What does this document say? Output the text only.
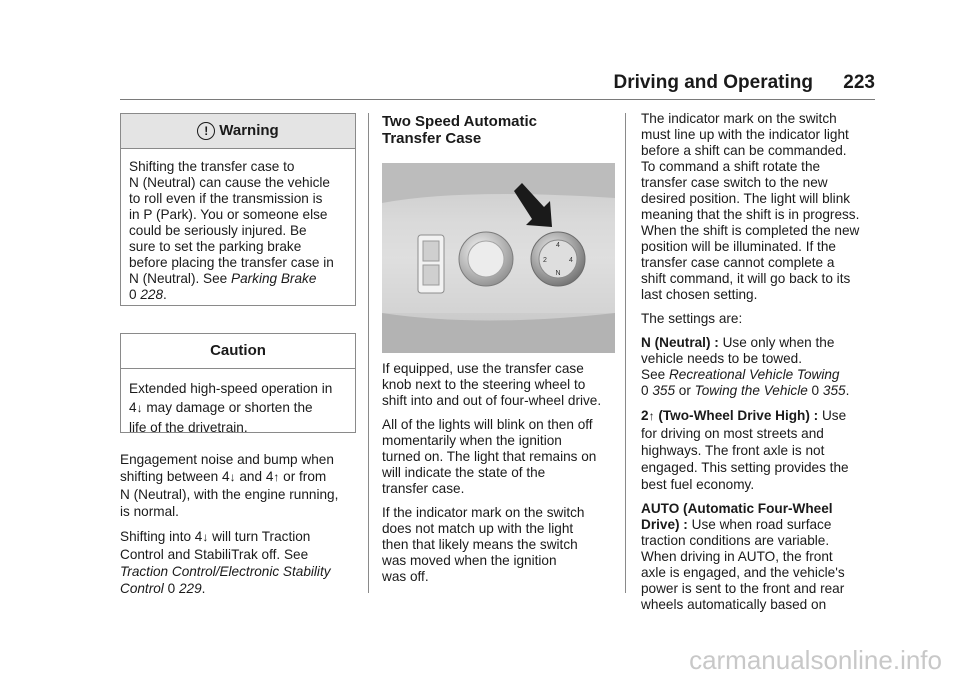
Driving and Operating 223
! Warning
Shifting the transfer case to
N (Neutral) can cause the vehicle
to roll even if the transmission is
in P (Park). You or someone else
could be seriously injured. Be
sure to set the parking brake
before placing the transfer case in
N (Neutral). See Parking Brake
0 228.
Caution
Extended high-speed operation in
4↓ may damage or shorten the
life of the drivetrain.

Engagement noise and bump when
shifting between 4↓ and 4↑ or from
N (Neutral), with the engine running,
is normal.

Shifting into 4↓ will turn Traction
Control and StabiliTrak off. See
Traction Control/Electronic Stability
Control 0 229.

Two Speed Automatic
Transfer Case
4
2	4
N

If equipped, use the transfer case
knob next to the steering wheel to
shift into and out of four-wheel drive.

All of the lights will blink on then off
momentarily when the ignition
turned on. The light that remains on
will indicate the state of the
transfer case.

If the indicator mark on the switch
does not match up with the light
then that likely means the switch
was moved when the ignition
was off.

The indicator mark on the switch
must line up with the indicator light
before a shift can be commanded.
To command a shift rotate the
transfer case switch to the new
desired position. The light will blink
meaning that the shift is in progress.
When the shift is completed the new
position will be illuminated. If the
transfer case cannot complete a
shift command, it will go back to its
last chosen setting.

The settings are:

N (Neutral) : Use only when the
vehicle needs to be towed.
See Recreational Vehicle Towing
0 355 or Towing the Vehicle 0 355.

2↑ (Two-Wheel Drive High) : Use
for driving on most streets and
highways. The front axle is not
engaged. This setting provides the
best fuel economy.

AUTO (Automatic Four-Wheel
Drive) : Use when road surface
traction conditions are variable.
When driving in AUTO, the front
axle is engaged, and the vehicle's
power is sent to the front and rear
wheels automatically based on

carmanualsonline.info
